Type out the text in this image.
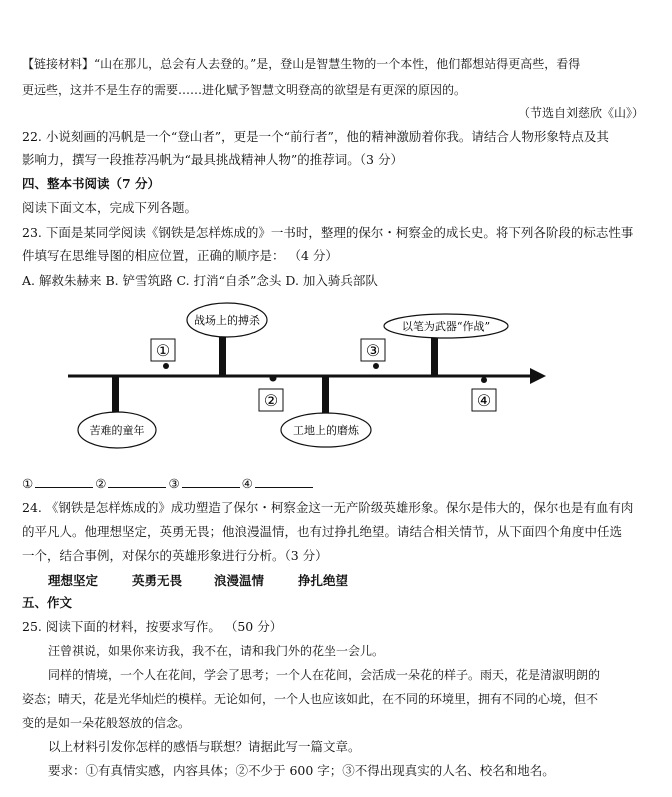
【链接材料】“山在那儿，总会有人去登的。”是，登山是智慧生物的一个本性，他们都想站得更高些，看得
更远些，这并不是生存的需要……进化赋予智慧文明登高的欲望是有更深的原因的。
（节选自刘慈欣《山》）
22. 小说刻画的冯帆是一个“登山者”，更是一个“前行者”，他的精神激励着你我。请结合人物形象特点及其
影响力，撰写一段推荐冯帆为“最具挑战精神人物”的推荐词。（3 分）
四、整本书阅读（7 分）
阅读下面文本，完成下列各题。
23. 下面是某同学阅读《钢铁是怎样炼成的》一书时，整理的保尔・柯察金的成长史。将下列各阶段的标志性事
件填写在思维导图的相应位置，正确的顺序是： （4 分）
A. 解救朱赫来 B. 铲雪筑路 C. 打消“自杀”念头 D. 加入骑兵部队
战场上的搏杀	以笔为武器“作战”
苦难的童年	工地上的磨炼
①
②
③
④
①	②	③	④
24. 《钢铁是怎样炼成的》成功塑造了保尔・柯察金这一无产阶级英雄形象。保尔是伟大的，保尔也是有血有肉
的平凡人。他理想坚定，英勇无畏；他浪漫温情，也有过挣扎绝望。请结合相关情节，从下面四个角度中任选
一个，结合事例，对保尔的英雄形象进行分析。（3 分）
理想坚定	英勇无畏	浪漫温情	挣扎绝望
五、作文
25. 阅读下面的材料，按要求写作。 （50 分）
汪曾祺说，如果你来访我，我不在，请和我门外的花坐一会儿。
同样的情境，一个人在花间，学会了思考；一个人在花间，会活成一朵花的样子。雨天，花是清淑明朗的
姿态；晴天，花是光华灿烂的模样。无论如何，一个人也应该如此，在不同的环境里，拥有不同的心境，但不
变的是如一朵花般怒放的信念。
以上材料引发你怎样的感悟与联想？请据此写一篇文章。
要求：①有真情实感，内容具体；②不少于 600 字；③不得出现真实的人名、校名和地名。
